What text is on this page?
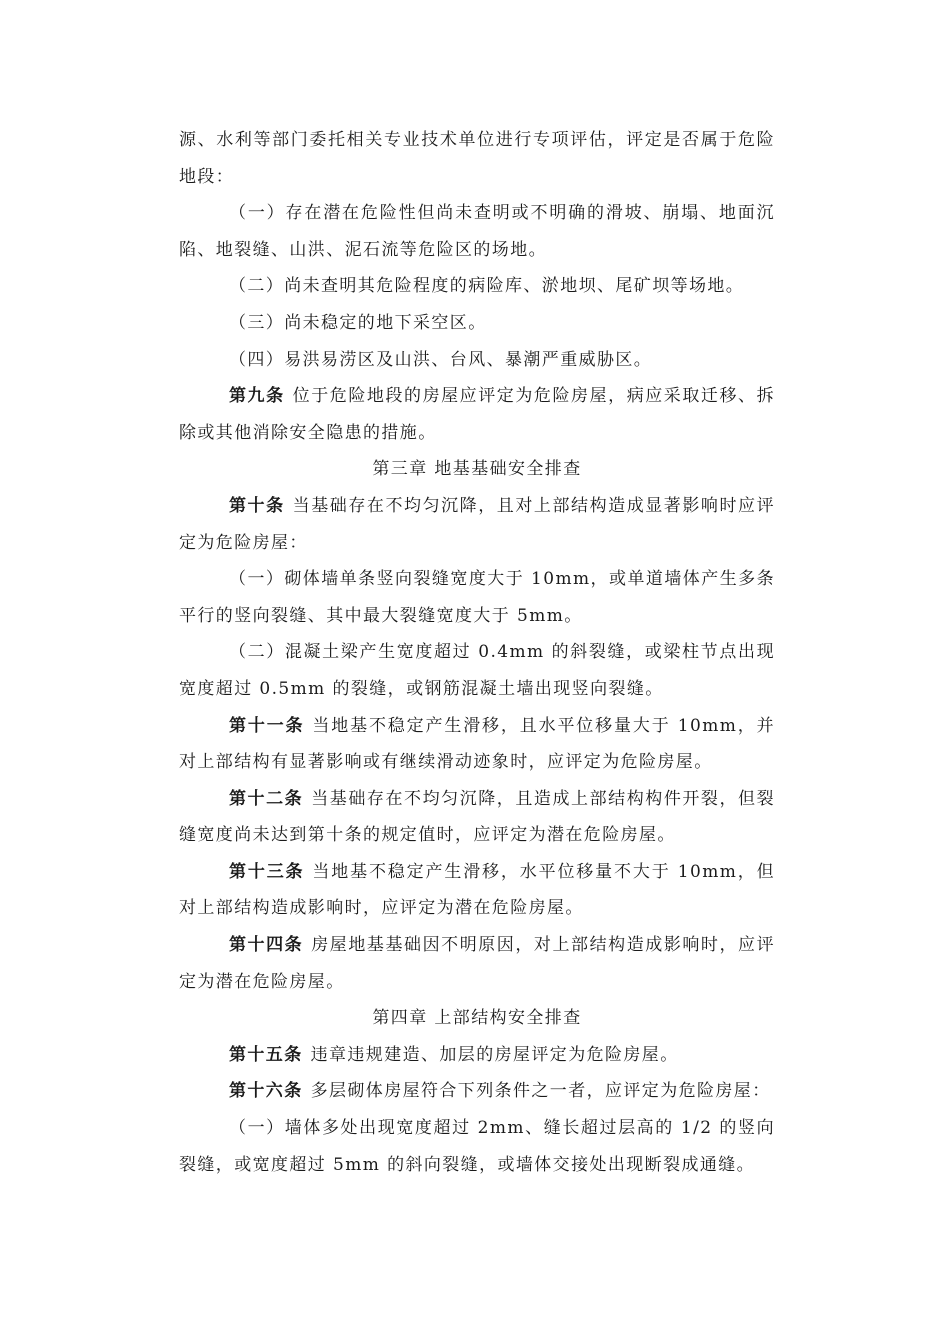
源、水利等部门委托相关专业技术单位进行专项评估，评定是否属于危险地段：

（一）存在潜在危险性但尚未查明或不明确的滑坡、崩塌、地面沉陷、地裂缝、山洪、泥石流等危险区的场地。

（二）尚未查明其危险程度的病险库、淤地坝、尾矿坝等场地。

（三）尚未稳定的地下采空区。

（四）易洪易涝区及山洪、台风、暴潮严重威胁区。

第九条 位于危险地段的房屋应评定为危险房屋，病应采取迁移、拆除或其他消除安全隐患的措施。

第三章 地基基础安全排查

第十条 当基础存在不均匀沉降，且对上部结构造成显著影响时应评定为危险房屋：

（一）砌体墙单条竖向裂缝宽度大于 10mm，或单道墙体产生多条平行的竖向裂缝、其中最大裂缝宽度大于 5mm。

（二）混凝土梁产生宽度超过 0.4mm 的斜裂缝，或梁柱节点出现宽度超过 0.5mm 的裂缝，或钢筋混凝土墙出现竖向裂缝。

第十一条 当地基不稳定产生滑移，且水平位移量大于 10mm，并对上部结构有显著影响或有继续滑动迹象时，应评定为危险房屋。

第十二条 当基础存在不均匀沉降，且造成上部结构构件开裂，但裂缝宽度尚未达到第十条的规定值时，应评定为潜在危险房屋。

第十三条 当地基不稳定产生滑移，水平位移量不大于 10mm，但对上部结构造成影响时，应评定为潜在危险房屋。

第十四条 房屋地基基础因不明原因，对上部结构造成影响时，应评定为潜在危险房屋。

第四章 上部结构安全排查

第十五条 违章违规建造、加层的房屋评定为危险房屋。

第十六条 多层砌体房屋符合下列条件之一者，应评定为危险房屋：

（一）墙体多处出现宽度超过 2mm、缝长超过层高的 1/2 的竖向裂缝，或宽度超过 5mm 的斜向裂缝，或墙体交接处出现断裂成通缝。
